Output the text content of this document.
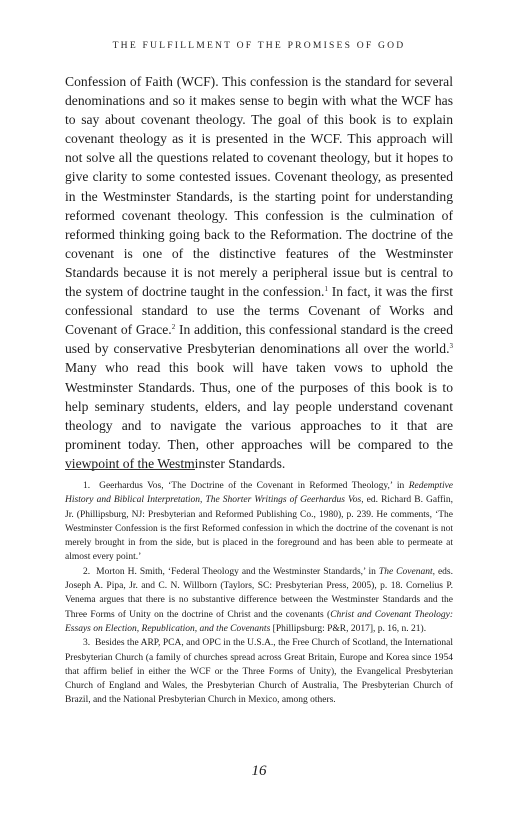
THE FULFILLMENT OF THE PROMISES OF GOD

Confession of Faith (WCF). This confession is the standard for several denominations and so it makes sense to begin with what the WCF has to say about covenant theology. The goal of this book is to explain covenant theology as it is presented in the WCF. This approach will not solve all the questions related to covenant theology, but it hopes to give clarity to some contested issues. Covenant theology, as presented in the Westminster Standards, is the starting point for understanding reformed covenant theology. This confession is the culmination of reformed thinking going back to the Reformation. The doctrine of the covenant is one of the distinctive features of the Westminster Standards because it is not merely a peripheral issue but is central to the system of doctrine taught in the confession.$^1$ In fact, it was the first confessional standard to use the terms Covenant of Works and Covenant of Grace.$^2$ In addition, this confessional standard is the creed used by conservative Presbyterian denominations all over the world.$^3$ Many who read this book will have taken vows to uphold the Westminster Standards. Thus, one of the purposes of this book is to help seminary students, elders, and lay people understand covenant theology and to navigate the various approaches to it that are prominent today. Then, other approaches will be compared to the viewpoint of the Westminster Standards.

1. Geerhardus Vos, ‘The Doctrine of the Covenant in Reformed Theology,’ in Redemptive History and Biblical Interpretation, The Shorter Writings of Geerhardus Vos, ed. Richard B. Gaffin, Jr. (Phillipsburg, NJ: Presbyterian and Reformed Publishing Co., 1980), p. 239. He comments, ‘The Westminster Confession is the first Reformed confession in which the doctrine of the covenant is not merely brought in from the side, but is placed in the foreground and has been able to permeate at almost every point.’

2. Morton H. Smith, ‘Federal Theology and the Westminster Standards,’ in The Covenant, eds. Joseph A. Pipa, Jr. and C. N. Willborn (Taylors, SC: Presbyterian Press, 2005), p. 18. Cornelius P. Venema argues that there is no substantive difference between the Westminster Standards and the Three Forms of Unity on the doctrine of Christ and the covenants (Christ and Covenant Theology: Essays on Election, Republication, and the Covenants [Phillipsburg: P&R, 2017], p. 16, n. 21).

3. Besides the ARP, PCA, and OPC in the U.S.A., the Free Church of Scotland, the International Presbyterian Church (a family of churches spread across Great Britain, Europe and Korea since 1954 that affirm belief in either the WCF or the Three Forms of Unity), the Evangelical Presbyterian Church of England and Wales, the Presbyterian Church of Australia, The Presbyterian Church of Brazil, and the National Presbyterian Church in Mexico, among others.

16
